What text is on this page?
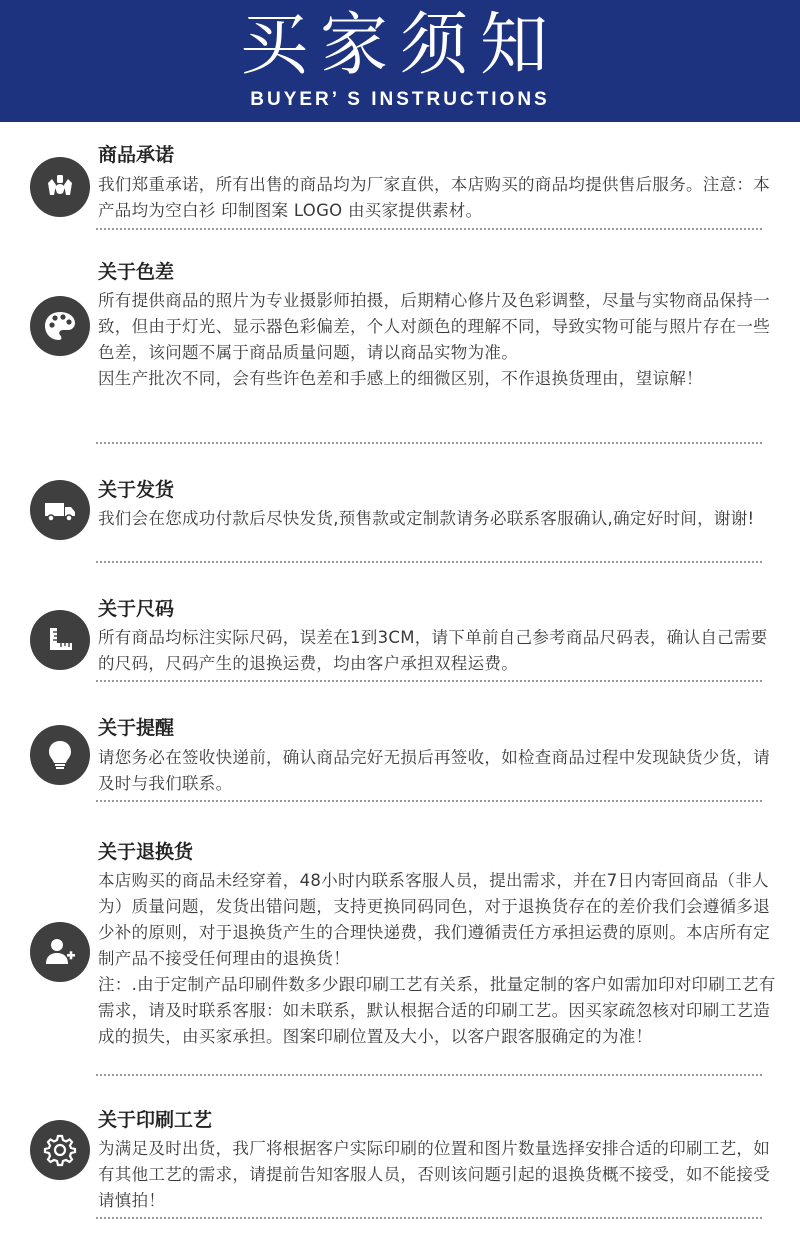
买家须知
BUYER’ S INSTRUCTIONS
商品承诺

我们郑重承诺，所有出售的商品均为厂家直供，本店购买的商品均提供售后服务。注意：本产品均为空白衫 印制图案 LOGO 由买家提供素材。

关于色差

所有提供商品的照片为专业摄影师拍摄，后期精心修片及色彩调整，尽量与实物商品保持一致，但由于灯光、显示器色彩偏差，个人对颜色的理解不同，导致实物可能与照片存在一些色差，该问题不属于商品质量问题，请以商品实物为准。

因生产批次不同，会有些许色差和手感上的细微区别，不作退换货理由，望谅解！

关于发货

我们会在您成功付款后尽快发货,预售款或定制款请务必联系客服确认,确定好时间，谢谢!

关于尺码

所有商品均标注实际尺码，误差在1到3CM，请下单前自己参考商品尺码表，确认自己需要的尺码，尺码产生的退换运费，均由客户承担双程运费。

关于提醒

请您务必在签收快递前，确认商品完好无损后再签收，如检查商品过程中发现缺货少货，请及时与我们联系。

关于退换货

本店购买的商品未经穿着，48小时内联系客服人员，提出需求，并在7日内寄回商品（非人为）质量问题，发货出错问题，支持更换同码同色，对于退换货存在的差价我们会遵循多退少补的原则，对于退换货产生的合理快递费，我们遵循责任方承担运费的原则。本店所有定制产品不接受任何理由的退换货！

注：.由于定制产品印刷件数多少跟印刷工艺有关系，批量定制的客户如需加印对印刷工艺有需求，请及时联系客服：如未联系，默认根据合适的印刷工艺。因买家疏忽核对印刷工艺造成的损失，由买家承担。图案印刷位置及大小，以客户跟客服确定的为准！

关于印刷工艺

为满足及时出货，我厂将根据客户实际印刷的位置和图片数量选择安排合适的印刷工艺，如有其他工艺的需求，请提前告知客服人员，否则该问题引起的退换货概不接受，如不能接受请慎拍！
